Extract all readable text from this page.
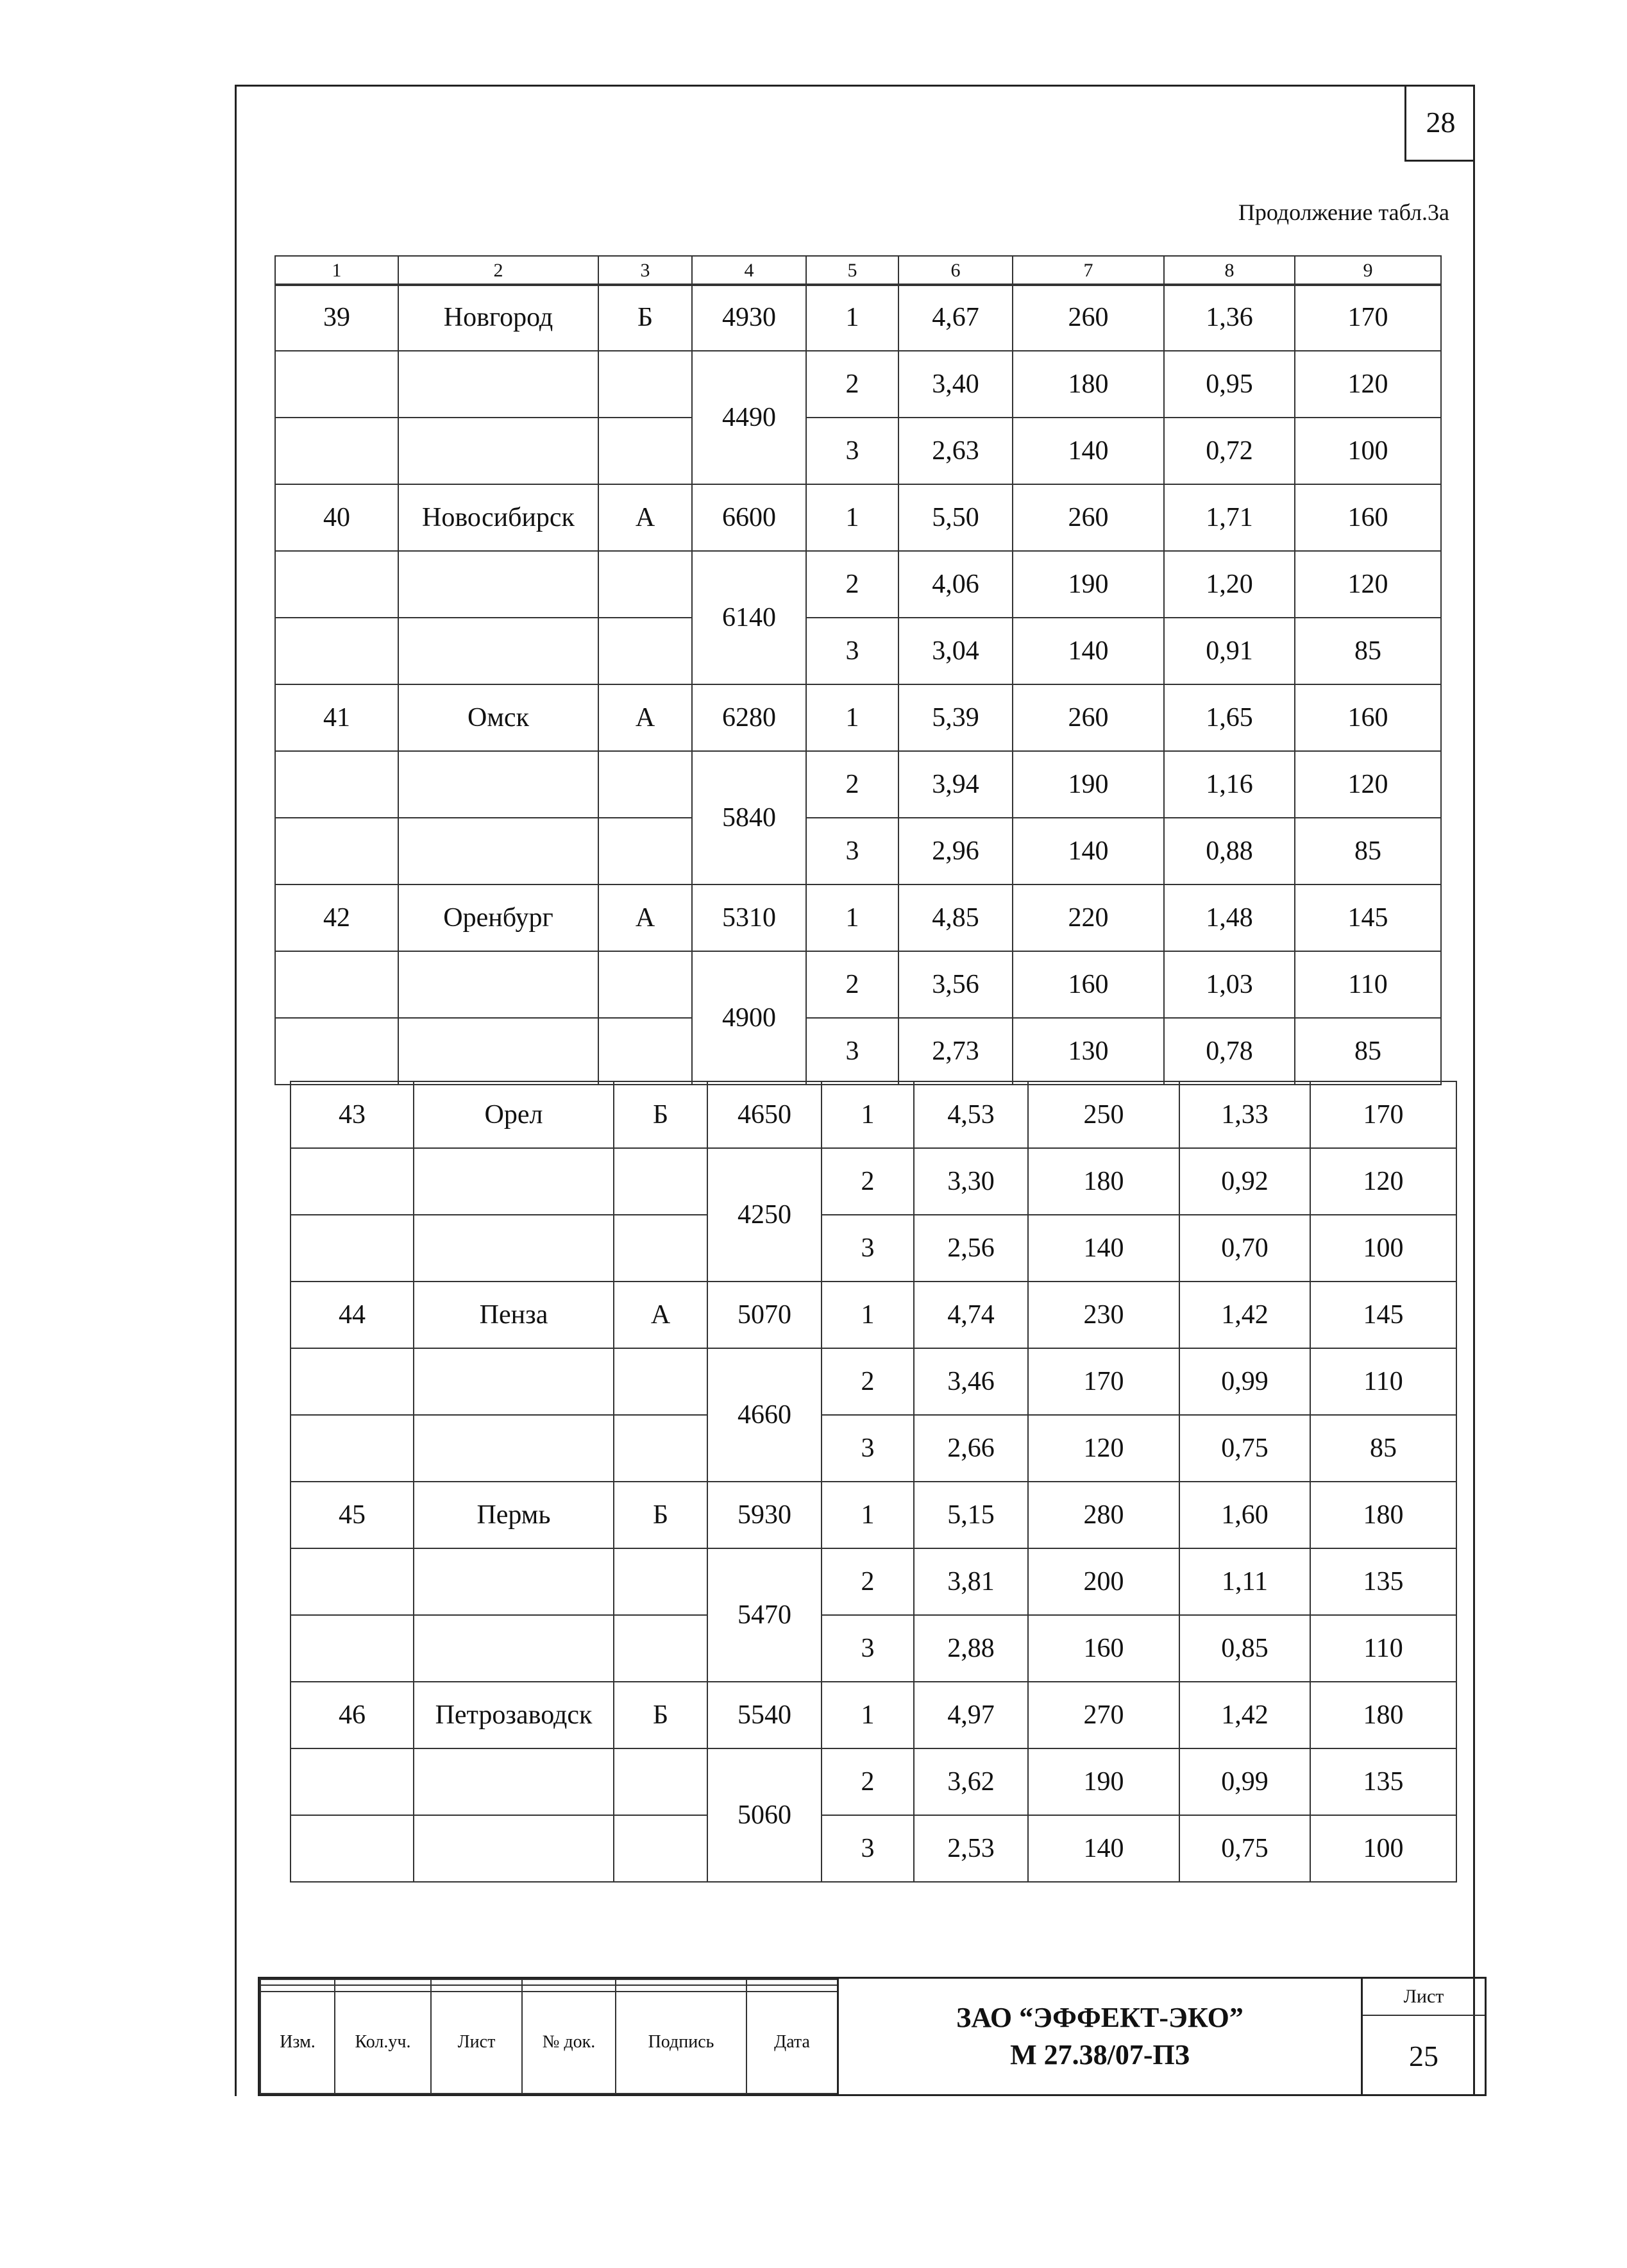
28
Продолжение табл.3а
1	2	3	4	5	6	7	8	9
39	Новгород	Б	4930	1	4,67	260	1,36	170
			4490	2	3,40	180	0,95	120
				3	2,63	140	0,72	100
40	Новосибирск	А	6600	1	5,50	260	1,71	160
			6140	2	4,06	190	1,20	120
				3	3,04	140	0,91	85
41	Омск	А	6280	1	5,39	260	1,65	160
			5840	2	3,94	190	1,16	120
				3	2,96	140	0,88	85
42	Оренбург	А	5310	1	4,85	220	1,48	145
			4900	2	3,56	160	1,03	110
				3	2,73	130	0,78	85
43	Орел	Б	4650	1	4,53	250	1,33	170
			4250	2	3,30	180	0,92	120
				3	2,56	140	0,70	100
44	Пенза	А	5070	1	4,74	230	1,42	145
			4660	2	3,46	170	0,99	110
				3	2,66	120	0,75	85
45	Пермь	Б	5930	1	5,15	280	1,60	180
			5470	2	3,81	200	1,11	135
				3	2,88	160	0,85	110
46	Петрозаводск	Б	5540	1	4,97	270	1,42	180
			5060	2	3,62	190	0,99	135
				3	2,53	140	0,75	100

Изм.	Кол.уч.	Лист	№ док.	Подпись	Дата
ЗАО “ЭФФЕКТ-ЭКО”
М 27.38/07-ПЗ
Лист
25
